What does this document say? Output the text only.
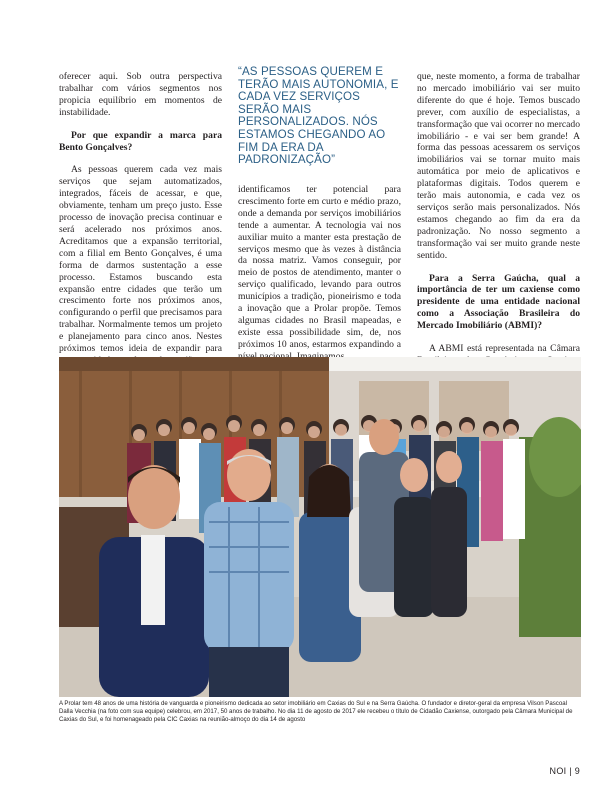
oferecer aqui. Sob outra perspectiva trabalhar com vários segmentos nos propicia equilíbrio em momentos de instabilidade.

Por que expandir a marca para Bento Gonçalves?

As pessoas querem cada vez mais serviços que sejam automatizados, integrados, fáceis de acessar, e que, obviamente, tenham um preço justo. Esse processo de inovação precisa continuar e será acelerado nos próximos anos. Acreditamos que a expansão territorial, com a filial em Bento Gonçalves, é uma forma de darmos sustentação a esse processo. Estamos buscando esta expansão entre cidades que terão um crescimento forte nos próximos anos, configurando o perfil que precisamos para trabalhar. Normalmente temos um projeto e planejamento para cinco anos. Nestes próximos temos ideia de expandir para

“AS PESSOAS QUEREM E TERÃO MAIS AUTONOMIA, E CADA VEZ SERVIÇOS SERÃO MAIS PERSONALIZADOS. NÓS ESTAMOS CHEGANDO AO FIM DA ERA DA PADRONIZAÇÃO”

identificamos ter potencial para crescimento forte em curto e médio prazo, onde a demanda por serviços imobiliários tende a aumentar. A tecnologia vai nos auxiliar muito a manter esta prestação de serviços mesmo que às vezes à distância da nossa matriz. Vamos conseguir, por meio de postos de atendimento, manter o serviço qualificado, levando para outros municípios a tradição, pioneirismo e toda a inovação que a Prolar propõe. Temos algumas cidades no Brasil mapeadas, e existe essa possibilidade sim, de, nos próximos 10 anos, estarmos expandindo a

que, neste momento, a forma de trabalhar no mercado imobiliário vai ser muito diferente do que é hoje. Temos buscado prever, com auxílio de especialistas, a transformação que vai ocorrer no mercado imobiliário - e vai ser bem grande! A forma das pessoas acessarem os serviços imobiliários vai se tornar muito mais automática por meio de aplicativos e plataformas digitais. Todos querem e terão mais autonomia, e cada vez os serviços serão mais personalizados. Nós estamos chegando ao fim da era da padronização. No nosso segmento a transformação vai ser muito grande neste sentido.

Para a Serra Gaúcha, qual a importância de ter um caxiense como presidente de uma entidade nacional como a Associação Brasileira do Mercado Imobiliário (ABMI)?

A ABMI está representada na Câmara

A Prolar tem 48 anos de uma história de vanguarda e pioneirismo dedicada ao setor imobiliário em Caxias do Sul e na Serra Gaúcha. O fundador e diretor-geral da empresa Vilson Pascoal Dalla Vecchia (na foto com sua equipe) celebrou, em 2017, 50 anos de trabalho. No dia 11 de agosto de 2017 ele recebeu o título de Cidadão Caxiense, outorgado pela Câmara Municipal de Caxias do Sul, e foi homenageado pela CIC Caxias na reunião-almoço do dia 14 de agosto
NOI | 9
